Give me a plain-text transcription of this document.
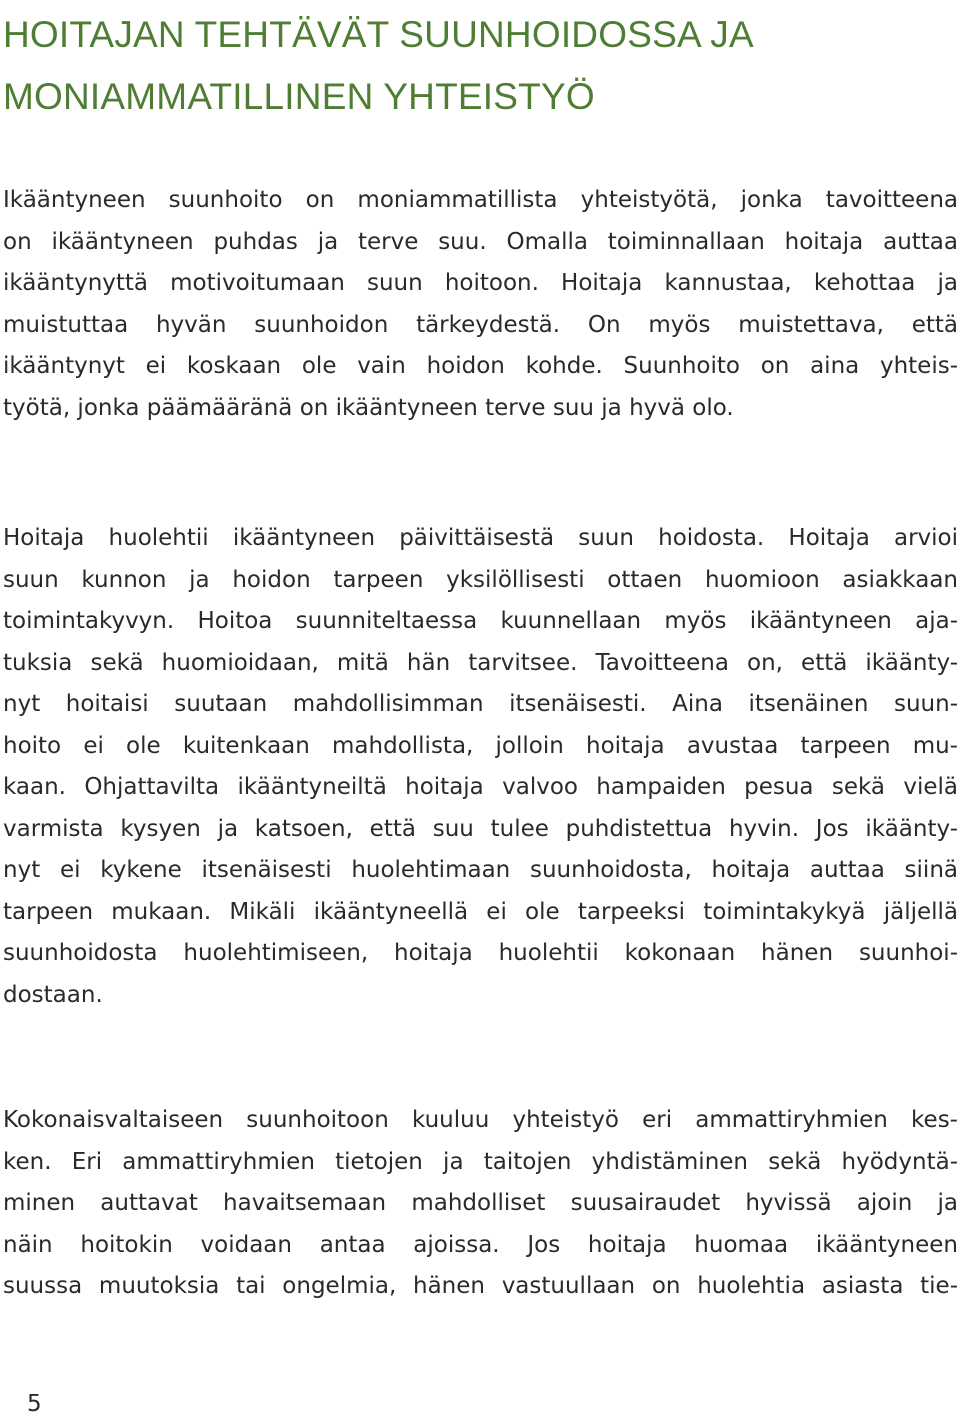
HOITAJAN TEHTÄVÄT SUUNHOIDOSSA JA
MONIAMMATILLINEN YHTEISTYÖ

Ikääntyneen suunhoito on moniammatillista yhteistyötä, jonka tavoitteena
on ikääntyneen puhdas ja terve suu. Omalla toiminnallaan hoitaja auttaa
ikääntynyttä motivoitumaan suun hoitoon. Hoitaja kannustaa, kehottaa ja
muistuttaa hyvän suunhoidon tärkeydestä. On myös muistettava, että
ikääntynyt ei koskaan ole vain hoidon kohde. Suunhoito on aina yhteis-
työtä, jonka päämääränä on ikääntyneen terve suu ja hyvä olo.

Hoitaja huolehtii ikääntyneen päivittäisestä suun hoidosta. Hoitaja arvioi
suun kunnon ja hoidon tarpeen yksilöllisesti ottaen huomioon asiakkaan
toimintakyvyn. Hoitoa suunniteltaessa kuunnellaan myös ikääntyneen aja-
tuksia sekä huomioidaan, mitä hän tarvitsee. Tavoitteena on, että ikäänty-
nyt hoitaisi suutaan mahdollisimman itsenäisesti. Aina itsenäinen suun-
hoito ei ole kuitenkaan mahdollista, jolloin hoitaja avustaa tarpeen mu-
kaan. Ohjattavilta ikääntyneiltä hoitaja valvoo hampaiden pesua sekä vielä
varmista kysyen ja katsoen, että suu tulee puhdistettua hyvin. Jos ikäänty-
nyt ei kykene itsenäisesti huolehtimaan suunhoidosta, hoitaja auttaa siinä
tarpeen mukaan. Mikäli ikääntyneellä ei ole tarpeeksi toimintakykyä jäljellä
suunhoidosta huolehtimiseen, hoitaja huolehtii kokonaan hänen suunhoi-
dostaan.

Kokonaisvaltaiseen suunhoitoon kuuluu yhteistyö eri ammattiryhmien kes-
ken. Eri ammattiryhmien tietojen ja taitojen yhdistäminen sekä hyödyntä-
minen auttavat havaitsemaan mahdolliset suusairaudet hyvissä ajoin ja
näin hoitokin voidaan antaa ajoissa. Jos hoitaja huomaa ikääntyneen
suussa muutoksia tai ongelmia, hänen vastuullaan on huolehtia asiasta tie-

5
